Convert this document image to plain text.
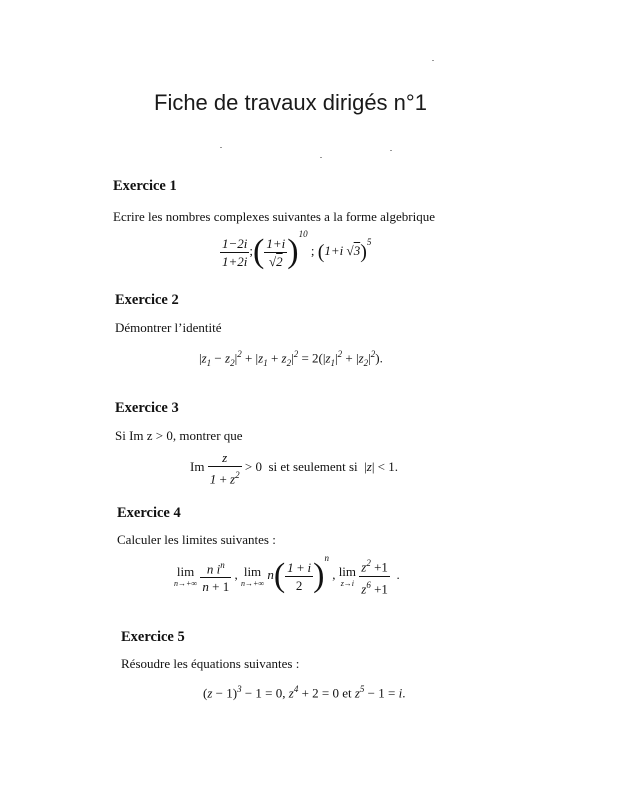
Fiche de travaux dirigés n°1
Exercice 1
Ecrire les nombres complexes suivantes a la forme algebrique
$\frac{1-2i}{1+2i}$ ;( $\frac{1+i}{√2} )^{10}$ ; (1+i √3)$^5$
Exercice 2
Démontrer l’identité
$|z_1 - z_2|^2 + |z_1 + z_2|^2 = 2(|z_1|^2 + |z_2|^2)$.
Exercice 3
Si Im z > 0, montrer que
Im $\frac{z}{1 + z^2} > 0$  si et seulement si  |z| < 1.
Exercice 4
Calculer les limites suivantes :
lim
n→+∞
$\frac{n i^n}{n + 1}$ , lim
n→+∞
$n( \frac{1 + i}{2} )^n$ , lim
z→i
$\frac{z^2 +1}{z^6 +1}$ .
Exercice 5
Résoudre les équations suivantes :
$(z - 1)^3 - 1 = 0$, $z^4 + 2 = 0$ et $z^5 - 1 = i$.
